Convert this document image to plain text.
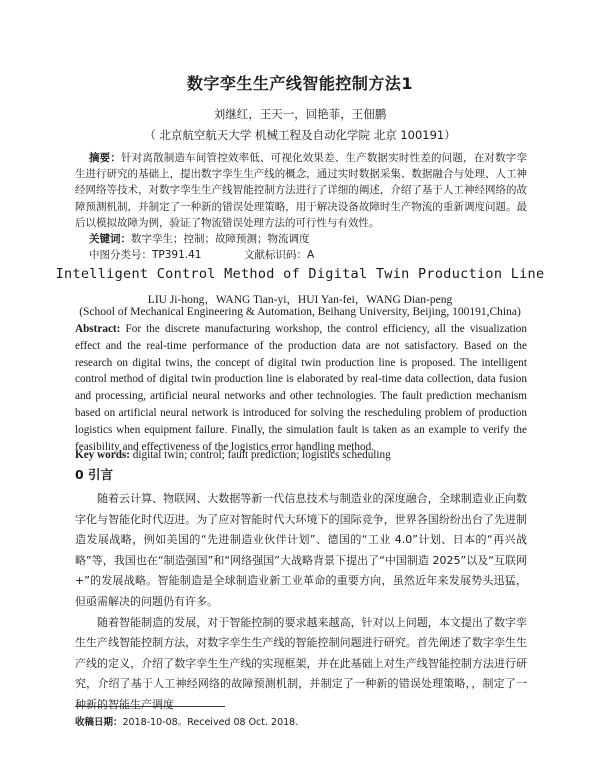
数字孪生生产线智能控制方法1
刘继红，王天一，回艳菲，王佃鹏
（ 北京航空航天大学 机械工程及自动化学院 北京 100191）
摘要：针对离散制造车间管控效率低、可视化效果差、生产数据实时性差的问题，在对数字孪生进行研究的基础上，提出数字孪生生产线的概念，通过实时数据采集、数据融合与处理、人工神经网络等技术，对数字孪生生产线智能控制方法进行了详细的阐述，介绍了基于人工神经网络的故障预测机制，并制定了一种新的错误处理策略，用于解决设备故障时生产物流的重新调度问题。最后以模拟故障为例，验证了物流错误处理方法的可行性与有效性。
关键词：数字孪生；控制；故障预测；物流调度
中图分类号：TP391.41	文献标识码：A
Intelligent Control Method of Digital Twin Production Line
LIU Ji-hong，WANG Tian-yi，HUI Yan-fei，WANG Dian-peng
(School of Mechanical Engineering & Automation, Beihang University, Beijing, 100191,China)
Abstract: For the discrete manufacturing workshop, the control efficiency, all the visualization effect and the real-time performance of the production data are not satisfactory. Based on the research on digital twins, the concept of digital twin production line is proposed. The intelligent control method of digital twin production line is elaborated by real-time data collection, data fusion and processing, artificial neural networks and other technologies. The fault prediction mechanism based on artificial neural network is introduced for solving the rescheduling problem of production logistics when equipment failure. Finally, the simulation fault is taken as an example to verify the feasibility and effectiveness of the logistics error handling method.
Key words: digital twin; control; fault prediction; logistics scheduling
0 引言

随着云计算、物联网、大数据等新一代信息技术与制造业的深度融合，全球制造业正向数字化与智能化时代迈进。为了应对智能时代大环境下的国际竞争，世界各国纷纷出台了先进制造发展战略，例如美国的“先进制造业伙伴计划”、德国的“工业 4.0”计划、日本的“再兴战略”等，我国也在“制造强国”和“网络强国”大战略背景下提出了“中国制造 2025”以及“互联网+”的发展战略。智能制造是全球制造业新工业革命的重要方向，虽然近年来发展势头迅猛，但亟需解决的问题仍有许多。

随着智能制造的发展，对于智能控制的要求越来越高，针对以上问题，本文提出了数字孪生生产线智能控制方法，对数字孪生生产线的智能控制问题进行研究。首先阐述了数字孪生生产线的定义，介绍了数字孪生生产线的实现框架，并在此基础上对生产线智能控制方法进行研究，介绍了基于人工神经网络的故障预测机制，并制定了一种新的错误处理策略，，制定了一种新的智能生产调度

收稿日期：2018-10-08。Received 08 Oct. 2018.
